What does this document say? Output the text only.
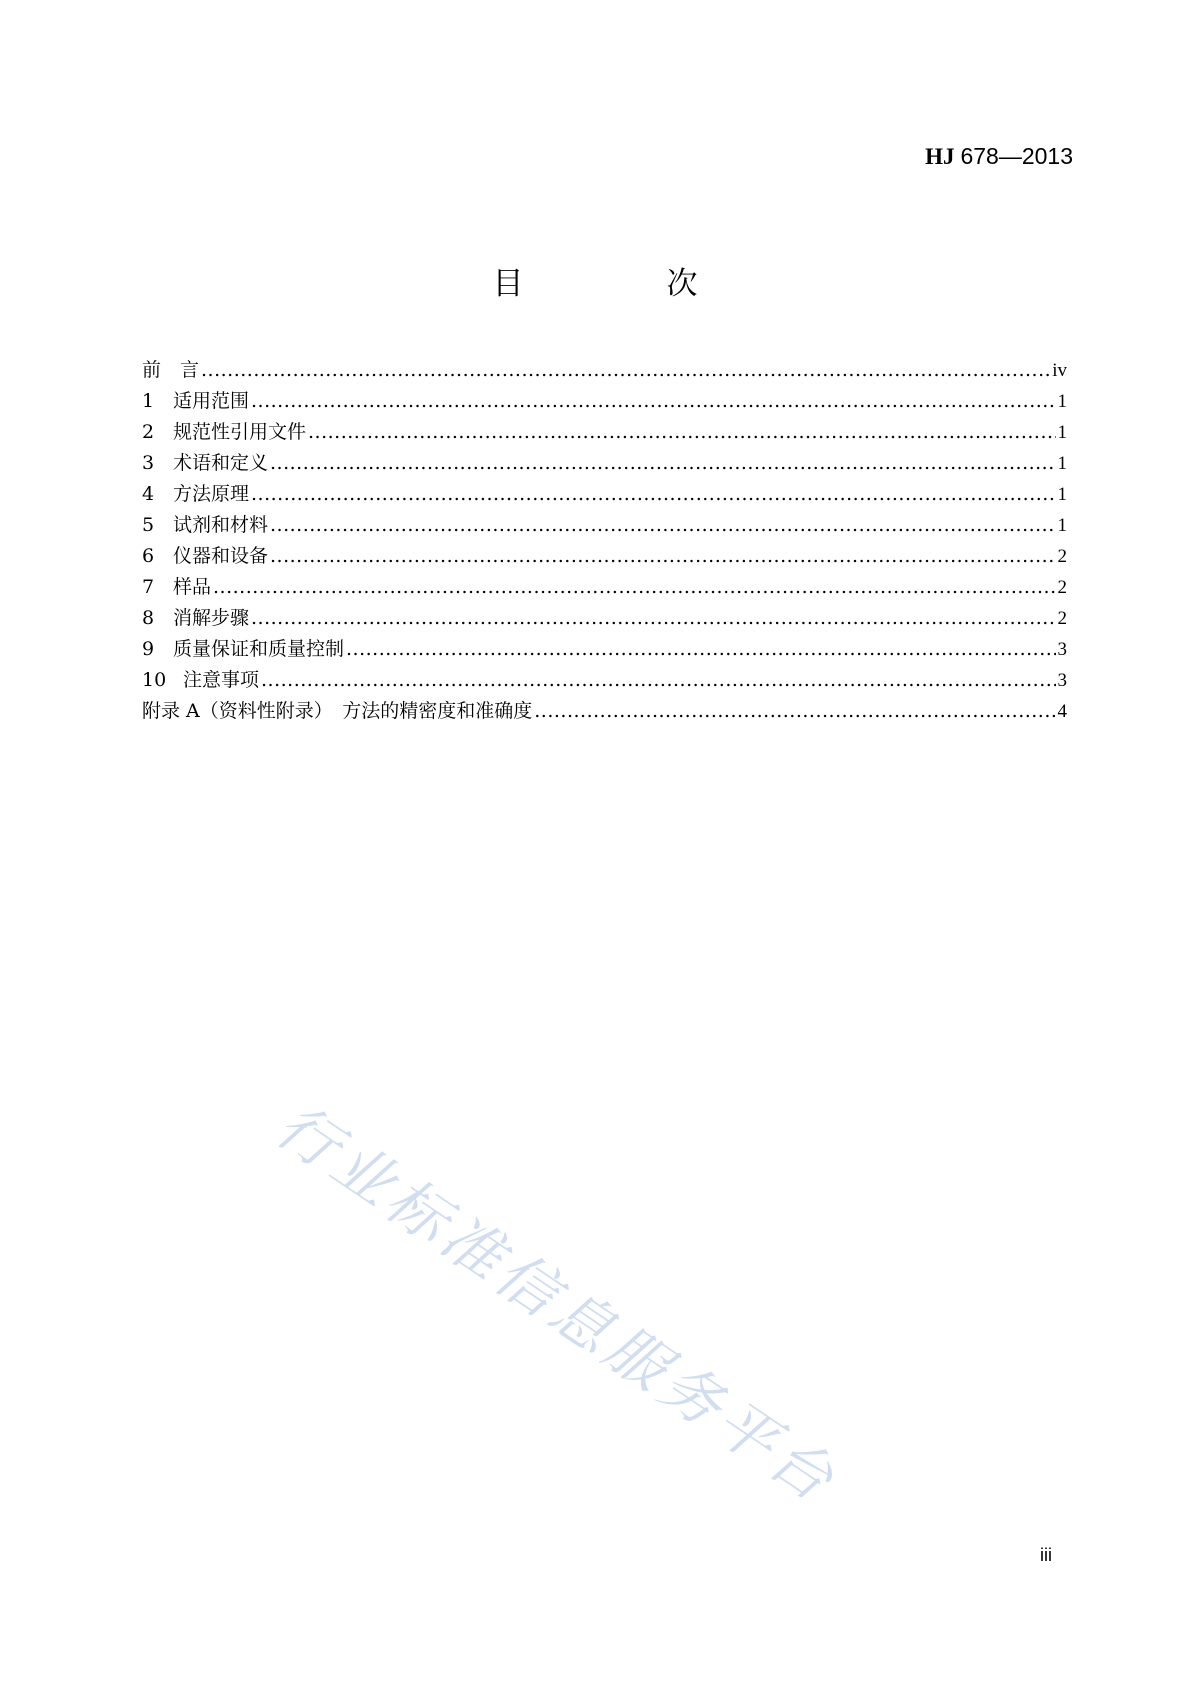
HJ 678—2013
目　次
前　言 .....	iv
1 适用范围 .....	1
2 规范性引用文件 .....	1
3 术语和定义 .....	1
4 方法原理 .....	1
5 试剂和材料 .....	1
6 仪器和设备 .....	2
7 样品 .....	2
8 消解步骤 .....	2
9 质量保证和质量控制 .....	3
10 注意事项 .....	3
附录 A（资料性附录）　方法的精密度和准确度 .....	4
行业标准信息服务平台
iii
